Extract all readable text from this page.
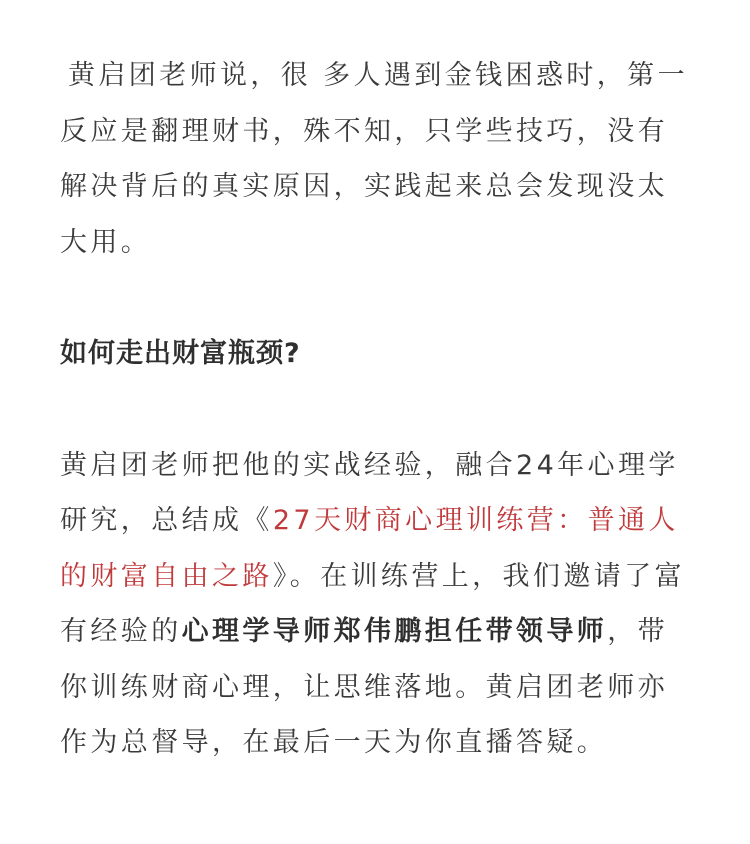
黄启团老师说，很 多人遇到金钱困惑时，第一反应是翻理财书，殊不知，只学些技巧，没有解决背后的真实原因，实践起来总会发现没太大用。

如何走出财富瓶颈?

黄启团老师把他的实战经验，融合24年心理学研究，总结成《27天财商心理训练营：普通人的财富自由之路》。在训练营上，我们邀请了富有经验的心理学导师郑伟鹏担任带领导师，带你训练财商心理，让思维落地。黄启团老师亦作为总督导，在最后一天为你直播答疑。
